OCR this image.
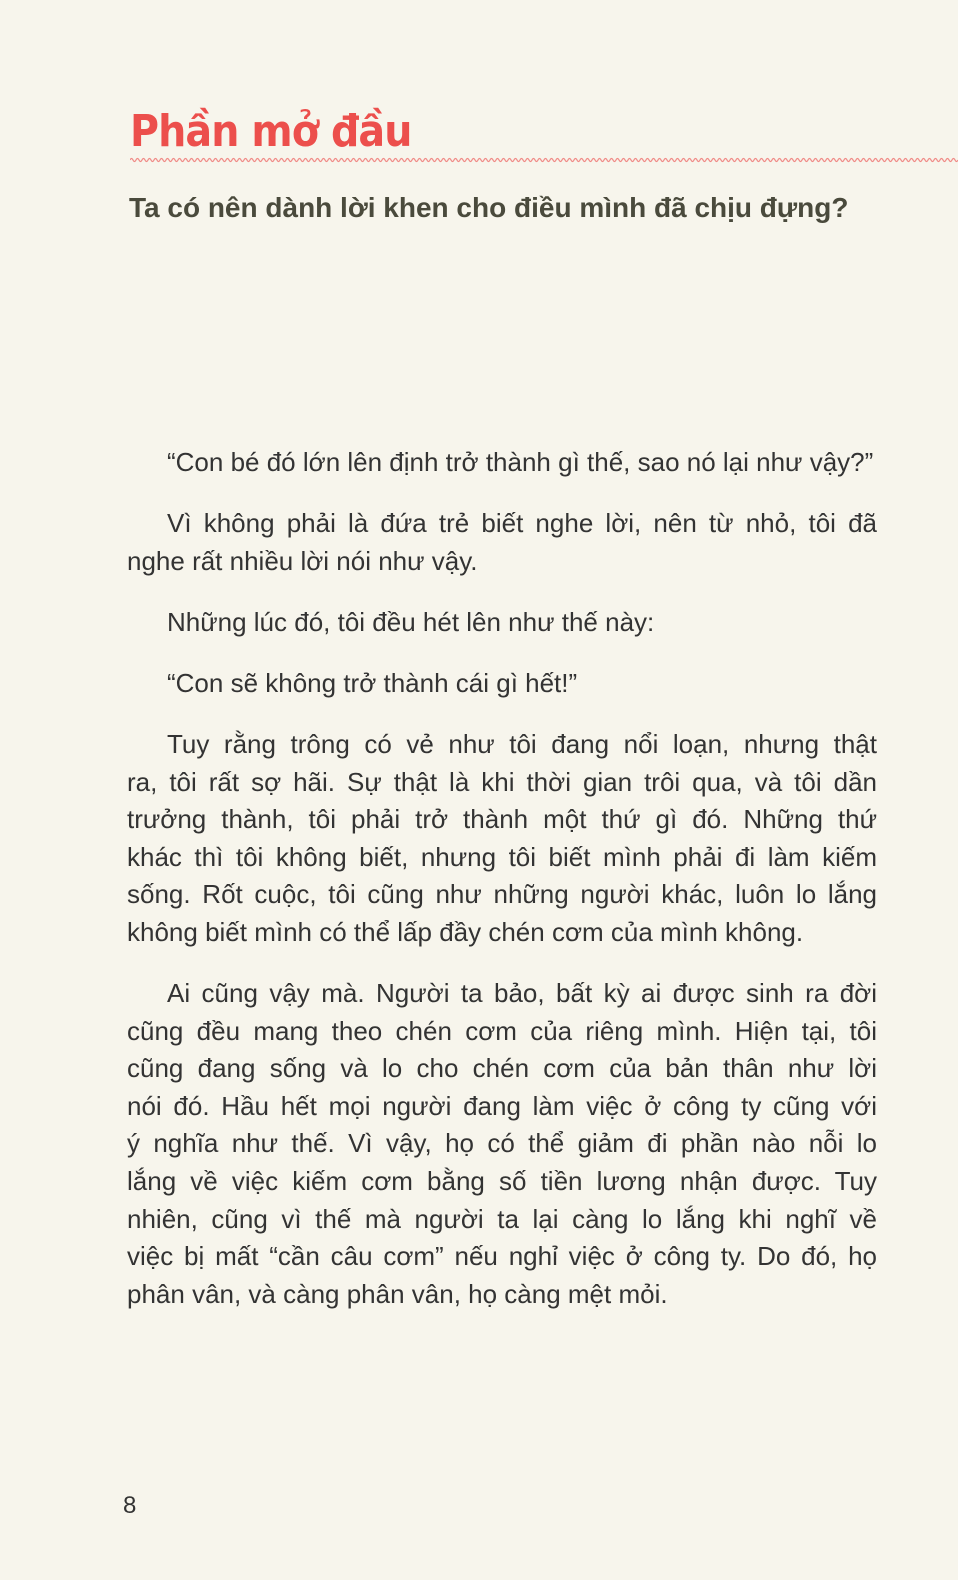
Phần mở đầu
Ta có nên dành lời khen cho điều mình đã chịu đựng?
“Con bé đó lớn lên định trở thành gì thế, sao nó lại như vậy?”
Vì không phải là đứa trẻ biết nghe lời, nên từ nhỏ, tôi đã
nghe rất nhiều lời nói như vậy.
Những lúc đó, tôi đều hét lên như thế này:
“Con sẽ không trở thành cái gì hết!”
Tuy rằng trông có vẻ như tôi đang nổi loạn, nhưng thật
ra, tôi rất sợ hãi. Sự thật là khi thời gian trôi qua, và tôi dần
trưởng thành, tôi phải trở thành một thứ gì đó. Những thứ
khác thì tôi không biết, nhưng tôi biết mình phải đi làm kiếm
sống. Rốt cuộc, tôi cũng như những người khác, luôn lo lắng
không biết mình có thể lấp đầy chén cơm của mình không.
Ai cũng vậy mà. Người ta bảo, bất kỳ ai được sinh ra đời
cũng đều mang theo chén cơm của riêng mình. Hiện tại, tôi
cũng đang sống và lo cho chén cơm của bản thân như lời
nói đó. Hầu hết mọi người đang làm việc ở công ty cũng với
ý nghĩa như thế. Vì vậy, họ có thể giảm đi phần nào nỗi lo
lắng về việc kiếm cơm bằng số tiền lương nhận được. Tuy
nhiên, cũng vì thế mà người ta lại càng lo lắng khi nghĩ về
việc bị mất “cần câu cơm” nếu nghỉ việc ở công ty. Do đó, họ
phân vân, và càng phân vân, họ càng mệt mỏi.
8
